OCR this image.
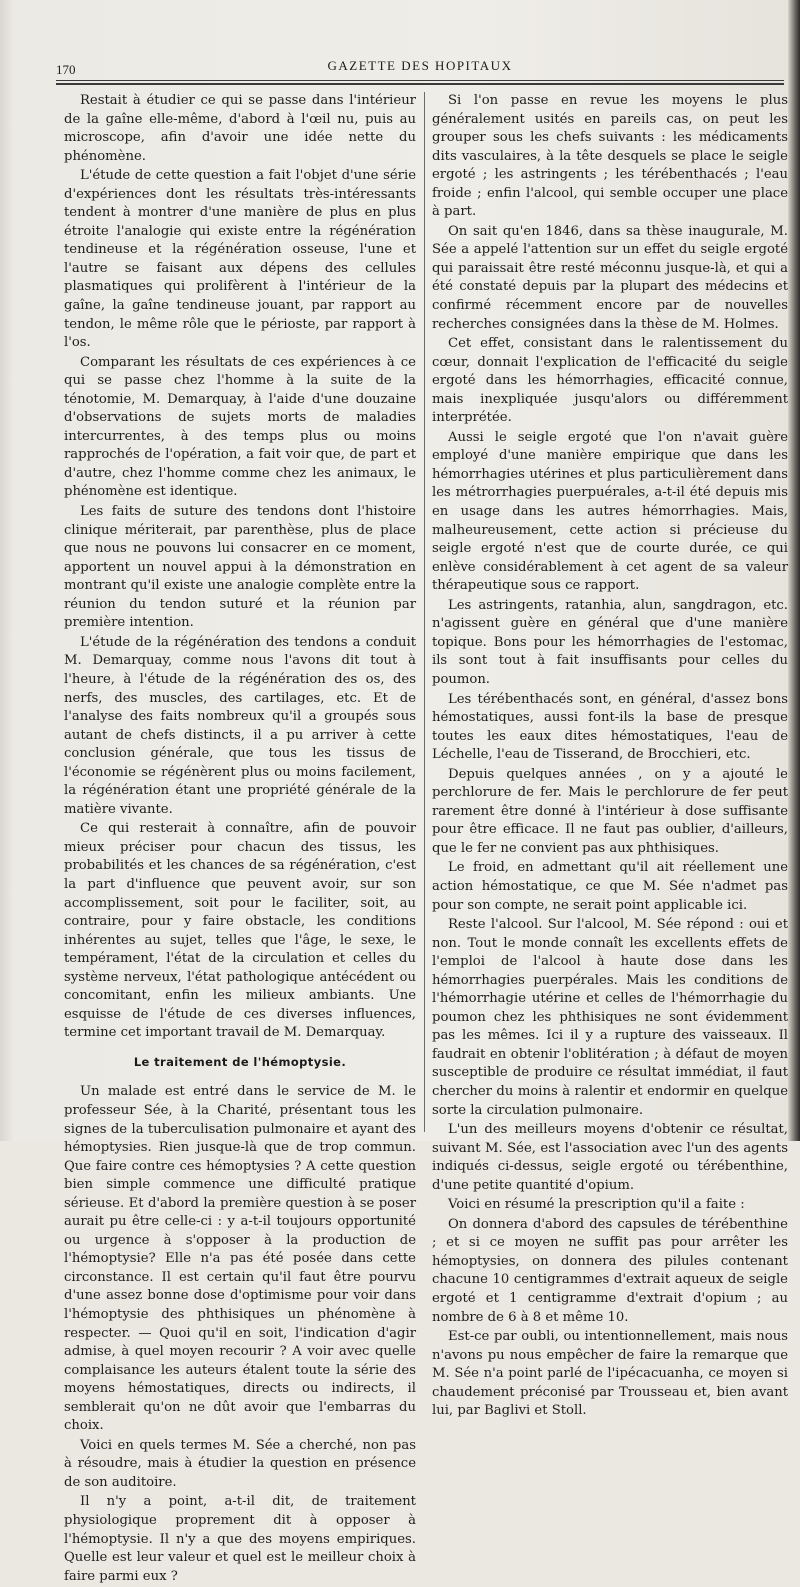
170	GAZETTE DES HOPITAUX

Restait à étudier ce qui se passe dans l'intérieur de la gaîne elle-même, d'abord à l'œil nu, puis au microscope, afin d'avoir une idée nette du phénomène.

L'étude de cette question a fait l'objet d'une série d'expériences dont les résultats très-intéressants tendent à montrer d'une manière de plus en plus étroite l'analogie qui existe entre la régénération tendineuse et la régénération osseuse, l'une et l'autre se faisant aux dépens des cellules plasmatiques qui prolifèrent à l'intérieur de la gaîne, la gaîne tendineuse jouant, par rapport au tendon, le même rôle que le périoste, par rapport à l'os.

Comparant les résultats de ces expériences à ce qui se passe chez l'homme à la suite de la ténotomie, M. Demarquay, à l'aide d'une douzaine d'observations de sujets morts de maladies intercurrentes, à des temps plus ou moins rapprochés de l'opération, a fait voir que, de part et d'autre, chez l'homme comme chez les animaux, le phénomène est identique.

Les faits de suture des tendons dont l'histoire clinique mériterait, par parenthèse, plus de place que nous ne pouvons lui consacrer en ce moment, apportent un nouvel appui à la démonstration en montrant qu'il existe une analogie complète entre la réunion du tendon suturé et la réunion par première intention.

L'étude de la régénération des tendons a conduit M. Demarquay, comme nous l'avons dit tout à l'heure, à l'étude de la régénération des os, des nerfs, des muscles, des cartilages, etc. Et de l'analyse des faits nombreux qu'il a groupés sous autant de chefs distincts, il a pu arriver à cette conclusion générale, que tous les tissus de l'économie se régénèrent plus ou moins facilement, la régénération étant une propriété générale de la matière vivante.

Ce qui resterait à connaître, afin de pouvoir mieux préciser pour chacun des tissus, les probabilités et les chances de sa régénération, c'est la part d'influence que peuvent avoir, sur son accomplissement, soit pour le faciliter, soit, au contraire, pour y faire obstacle, les conditions inhérentes au sujet, telles que l'âge, le sexe, le tempérament, l'état de la circulation et celles du système nerveux, l'état pathologique antécédent ou concomitant, enfin les milieux ambiants. Une esquisse de l'étude de ces diverses influences, termine cet important travail de M. Demarquay.

Le traitement de l'hémoptysie.

Un malade est entré dans le service de M. le professeur Sée, à la Charité, présentant tous les signes de la tuberculisation pulmonaire et ayant des hémoptysies. Rien jusque-là que de trop commun. Que faire contre ces hémoptysies ? A cette question bien simple commence une difficulté pratique sérieuse. Et d'abord la première question à se poser aurait pu être celle-ci : y a-t-il toujours opportunité ou urgence à s'opposer à la production de l'hémoptysie? Elle n'a pas été posée dans cette circonstance. Il est certain qu'il faut être pourvu d'une assez bonne dose d'optimisme pour voir dans l'hémoptysie des phthisiques un phénomène à respecter. — Quoi qu'il en soit, l'indication d'agir admise, à quel moyen recourir ? A voir avec quelle complaisance les auteurs étalent toute la série des moyens hémostatiques, directs ou indirects, il semblerait qu'on ne dût avoir que l'embarras du choix.

Voici en quels termes M. Sée a cherché, non pas à résoudre, mais à étudier la question en présence de son auditoire.

Il n'y a point, a-t-il dit, de traitement physiologique proprement dit à opposer à l'hémoptysie. Il n'y a que des moyens empiriques. Quelle est leur valeur et quel est le meilleur choix à faire parmi eux ?

Si l'on passe en revue les moyens le plus généralement usités en pareils cas, on peut les grouper sous les chefs suivants : les médicaments dits vasculaires, à la tête desquels se place le seigle ergoté ; les astringents ; les térébenthacés ; l'eau froide ; enfin l'alcool, qui semble occuper une place à part.

On sait qu'en 1846, dans sa thèse inaugurale, M. Sée a appelé l'attention sur un effet du seigle ergoté qui paraissait être resté méconnu jusque-là, et qui a été constaté depuis par la plupart des médecins et confirmé récemment encore par de nouvelles recherches consignées dans la thèse de M. Holmes.

Cet effet, consistant dans le ralentissement du cœur, donnait l'explication de l'efficacité du seigle ergoté dans les hémorrhagies, efficacité connue, mais inexpliquée jusqu'alors ou différemment interprétée.

Aussi le seigle ergoté que l'on n'avait guère employé d'une manière empirique que dans les hémorrhagies utérines et plus particulièrement dans les métrorrhagies puerpuérales, a-t-il été depuis mis en usage dans les autres hémorrhagies. Mais, malheureusement, cette action si précieuse du seigle ergoté n'est que de courte durée, ce qui enlève considérablement à cet agent de sa valeur thérapeutique sous ce rapport.

Les astringents, ratanhia, alun, sangdragon, etc. n'agissent guère en général que d'une manière topique. Bons pour les hémorrhagies de l'estomac, ils sont tout à fait insuffisants pour celles du poumon.

Les térébenthacés sont, en général, d'assez bons hémostatiques, aussi font-ils la base de presque toutes les eaux dites hémostatiques, l'eau de Léchelle, l'eau de Tisserand, de Brocchieri, etc.

Depuis quelques années , on y a ajouté le perchlorure de fer. Mais le perchlorure de fer peut rarement être donné à l'intérieur à dose suffisante pour être efficace. Il ne faut pas oublier, d'ailleurs, que le fer ne convient pas aux phthisiques.

Le froid, en admettant qu'il ait réellement une action hémostatique, ce que M. Sée n'admet pas pour son compte, ne serait point applicable ici.

Reste l'alcool. Sur l'alcool, M. Sée répond : oui et non. Tout le monde connaît les excellents effets de l'emploi de l'alcool à haute dose dans les hémorrhagies puerpérales. Mais les conditions de l'hémorrhagie utérine et celles de l'hémorrhagie du poumon chez les phthisiques ne sont évidemment pas les mêmes. Ici il y a rupture des vaisseaux. Il faudrait en obtenir l'oblitération ; à défaut de moyen susceptible de produire ce résultat immédiat, il faut chercher du moins à ralentir et endormir en quelque sorte la circulation pulmonaire.

L'un des meilleurs moyens d'obtenir ce résultat, suivant M. Sée, est l'association avec l'un des agents indiqués ci-dessus, seigle ergoté ou térébenthine, d'une petite quantité d'opium.

Voici en résumé la prescription qu'il a faite :

On donnera d'abord des capsules de térébenthine ; et si ce moyen ne suffit pas pour arrêter les hémoptysies, on donnera des pilules contenant chacune 10 centigrammes d'extrait aqueux de seigle ergoté et 1 centigramme d'extrait d'opium ; au nombre de 6 à 8 et même 10.

Est-ce par oubli, ou intentionnellement, mais nous n'avons pu nous empêcher de faire la remarque que M. Sée n'a point parlé de l'ipécacuanha, ce moyen si chaudement préconisé par Trousseau et, bien avant lui, par Baglivi et Stoll.
